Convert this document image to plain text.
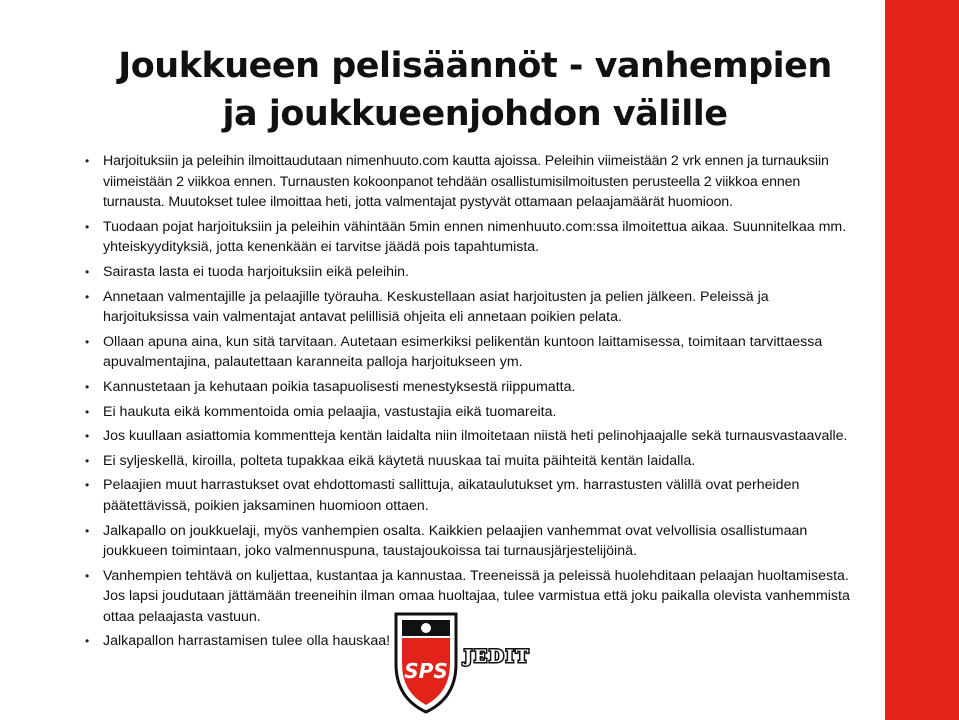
Joukkueen pelisäännöt - vanhempien
ja joukkueenjohdon välille
• Harjoituksiin ja peleihin ilmoittaudutaan nimenhuuto.com kautta ajoissa. Peleihin viimeistään 2 vrk ennen ja turnauksiin viimeistään 2 viikkoa ennen. Turnausten kokoonpanot tehdään osallistumisilmoitusten perusteella 2 viikkoa ennen turnausta. Muutokset tulee ilmoittaa heti, jotta valmentajat pystyvät ottamaan pelaajamäärät huomioon.
• Tuodaan pojat harjoituksiin ja peleihin vähintään 5min ennen nimenhuuto.com:ssa ilmoitettua aikaa. Suunnitelkaa mm. yhteiskyydityksiä, jotta kenenkään ei tarvitse jäädä pois tapahtumista.
• Sairasta lasta ei tuoda harjoituksiin eikä peleihin.
• Annetaan valmentajille ja pelaajille työrauha. Keskustellaan asiat harjoitusten ja pelien jälkeen. Peleissä ja harjoituksissa vain valmentajat antavat pelillisiä ohjeita eli annetaan poikien pelata.
• Ollaan apuna aina, kun sitä tarvitaan. Autetaan esimerkiksi pelikentän kuntoon laittamisessa, toimitaan tarvittaessa apuvalmentajina, palautettaan karanneita palloja harjoitukseen ym.
• Kannustetaan ja kehutaan poikia tasapuolisesti menestyksestä riippumatta.
• Ei haukuta eikä kommentoida omia pelaajia, vastustajia eikä tuomareita.
• Jos kuullaan asiattomia kommentteja kentän laidalta niin ilmoitetaan niistä heti pelinohjaajalle sekä turnausvastaavalle.
• Ei syljeskellä, kiroilla, polteta tupakkaa eikä käytetä nuuskaa tai muita päihteitä kentän laidalla.
• Pelaajien muut harrastukset ovat ehdottomasti sallittuja, aikataulutukset ym. harrastusten välillä ovat perheiden päätettävissä, poikien jaksaminen huomioon ottaen.
• Jalkapallo on joukkuelaji, myös vanhempien osalta. Kaikkien pelaajien vanhemmat ovat velvollisia osallistumaan joukkueen toimintaan, joko valmennuspuna, taustajoukoissa tai turnausjärjestelijöinä.
• Vanhempien tehtävä on kuljettaa, kustantaa ja kannustaa. Treeneissä ja peleissä huolehditaan pelaajan huoltamisesta. Jos lapsi joudutaan jättämään treeneihin ilman omaa huoltajaa, tulee varmistua että joku paikalla olevista vanhemmista ottaa pelaajasta vastuun.
• Jalkapallon harrastamisen tulee olla hauskaa!
SPS
JEDIT
